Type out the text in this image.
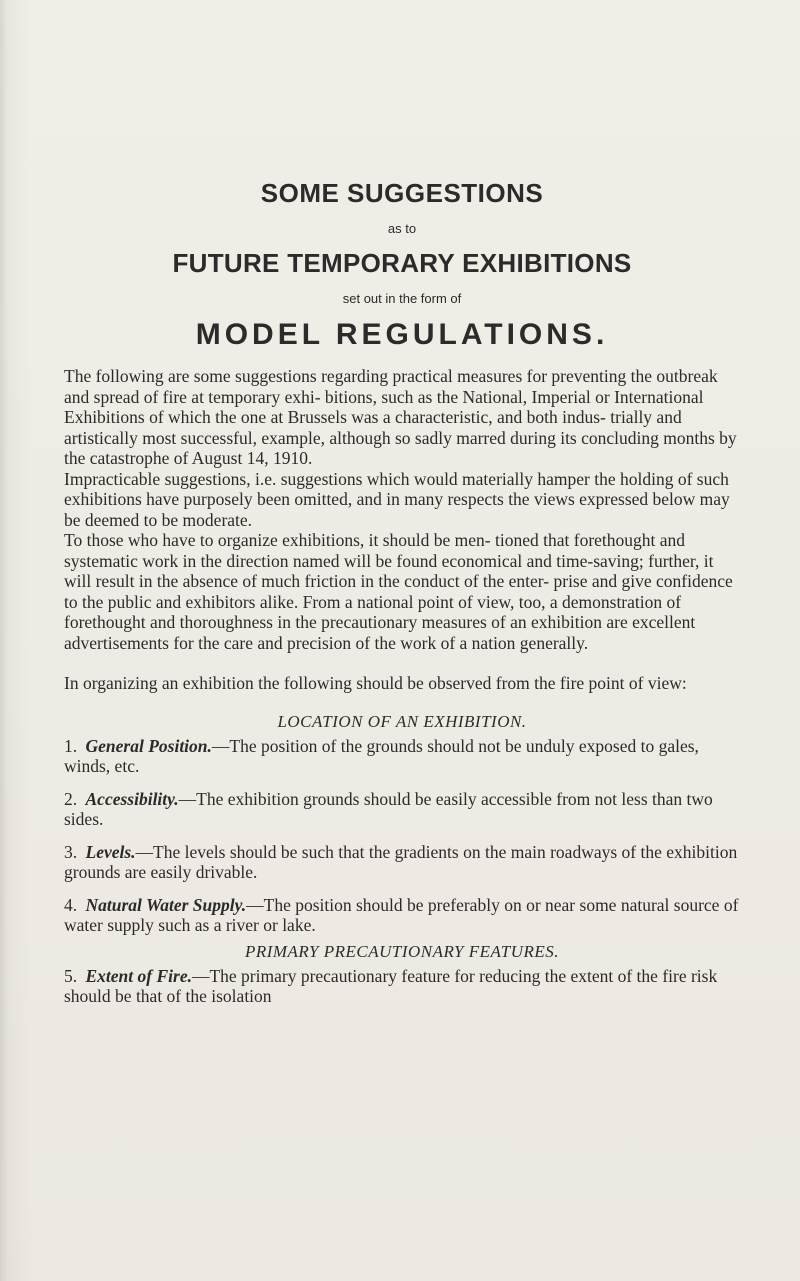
SOME SUGGESTIONS
as to
FUTURE TEMPORARY EXHIBITIONS
set out in the form of
MODEL REGULATIONS.

The following are some suggestions regarding practical measures for preventing the outbreak and spread of fire at temporary exhi- bitions, such as the National, Imperial or International Exhibitions of which the one at Brussels was a characteristic, and both indus- trially and artistically most successful, example, although so sadly marred during its concluding months by the catastrophe of August 14, 1910.

Impracticable suggestions, i.e. suggestions which would materially hamper the holding of such exhibitions have purposely been omitted, and in many respects the views expressed below may be deemed to be moderate.

To those who have to organize exhibitions, it should be men- tioned that forethought and systematic work in the direction named will be found economical and time-saving; further, it will result in the absence of much friction in the conduct of the enter- prise and give confidence to the public and exhibitors alike. From a national point of view, too, a demonstration of forethought and thoroughness in the precautionary measures of an exhibition are excellent advertisements for the care and precision of the work of a nation generally.

In organizing an exhibition the following should be observed from the fire point of view:

LOCATION OF AN EXHIBITION.
1. General Position.—The position of the grounds should not be unduly exposed to gales, winds, etc.
2. Accessibility.—The exhibition grounds should be easily accessible from not less than two sides.
3. Levels.—The levels should be such that the gradients on the main roadways of the exhibition grounds are easily drivable.
4. Natural Water Supply.—The position should be preferably on or near some natural source of water supply such as a river or lake.
PRIMARY PRECAUTIONARY FEATURES.
5. Extent of Fire.—The primary precautionary feature for reducing the extent of the fire risk should be that of the isolation
